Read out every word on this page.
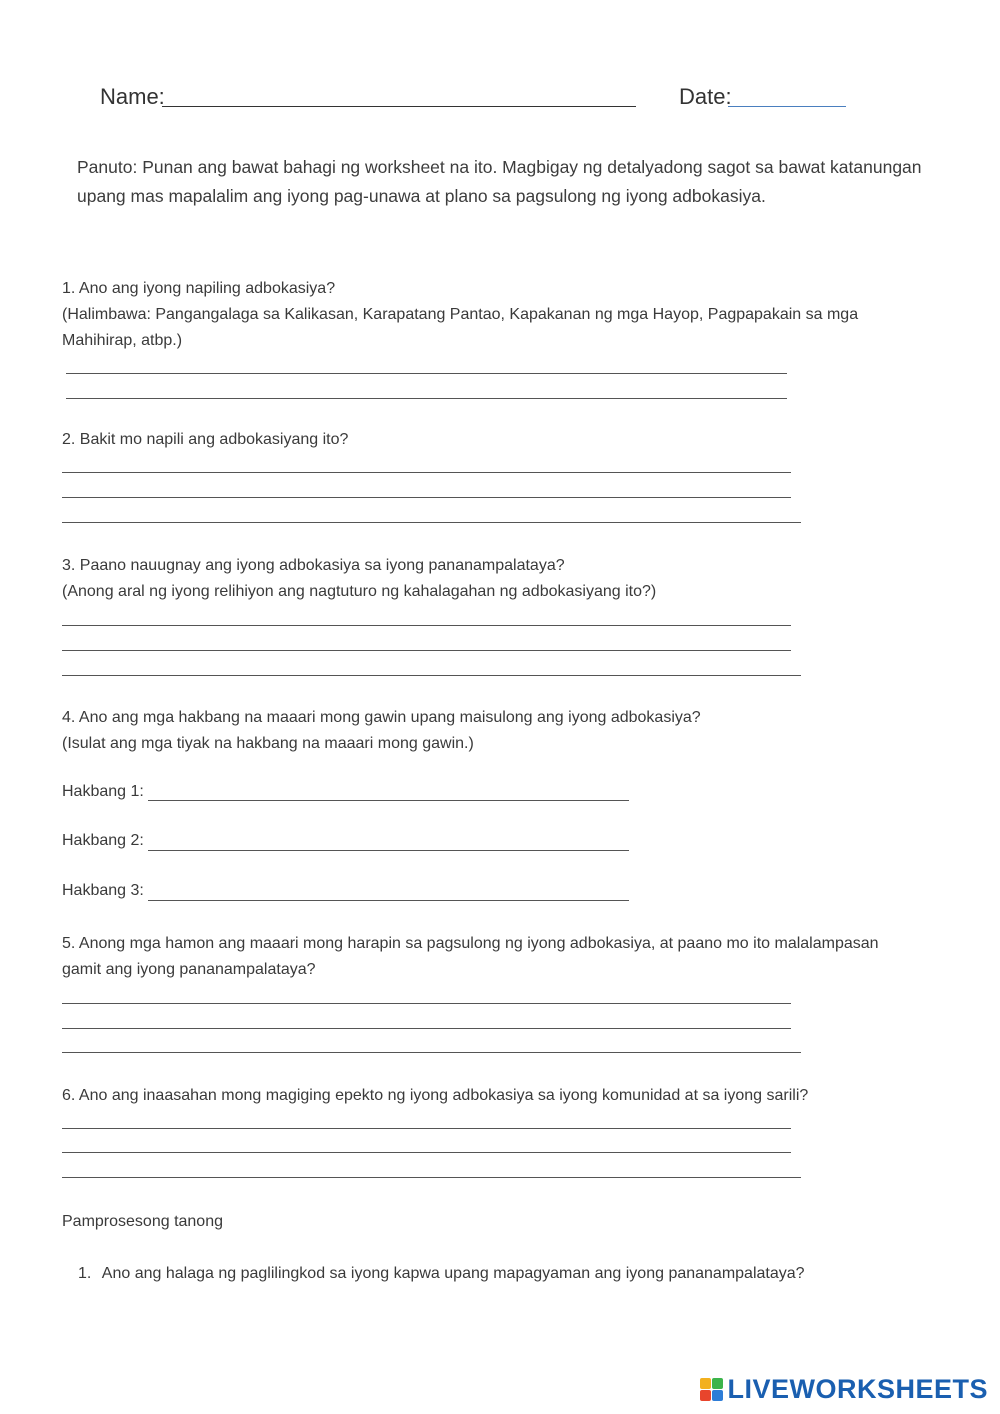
Name:	Date:
Panuto: Punan ang bawat bahagi ng worksheet na ito. Magbigay ng detalyadong sagot sa bawat katanungan upang mas mapalalim ang iyong pag-unawa at plano sa pagsulong ng iyong adbokasiya.
1. Ano ang iyong napiling adbokasiya?
(Halimbawa: Pangangalaga sa Kalikasan, Karapatang Pantao, Kapakanan ng mga Hayop, Pagpapakain sa mga Mahihirap, atbp.)
2. Bakit mo napili ang adbokasiyang ito?
3. Paano nauugnay ang iyong adbokasiya sa iyong pananampalataya?
(Anong aral ng iyong relihiyon ang nagtuturo ng kahalagahan ng adbokasiyang ito?)
4. Ano ang mga hakbang na maaari mong gawin upang maisulong ang iyong adbokasiya?
(Isulat ang mga tiyak na hakbang na maaari mong gawin.)
Hakbang 1:
Hakbang 2:
Hakbang 3:
5. Anong mga hamon ang maaari mong harapin sa pagsulong ng iyong adbokasiya, at paano mo ito malalampasan gamit ang iyong pananampalataya?
6. Ano ang inaasahan mong magiging epekto ng iyong adbokasiya sa iyong komunidad at sa iyong sarili?
Pamprosesong tanong
1. Ano ang halaga ng paglilingkod sa iyong kapwa upang mapagyaman ang iyong pananampalataya?
LIVEWORKSHEETS
